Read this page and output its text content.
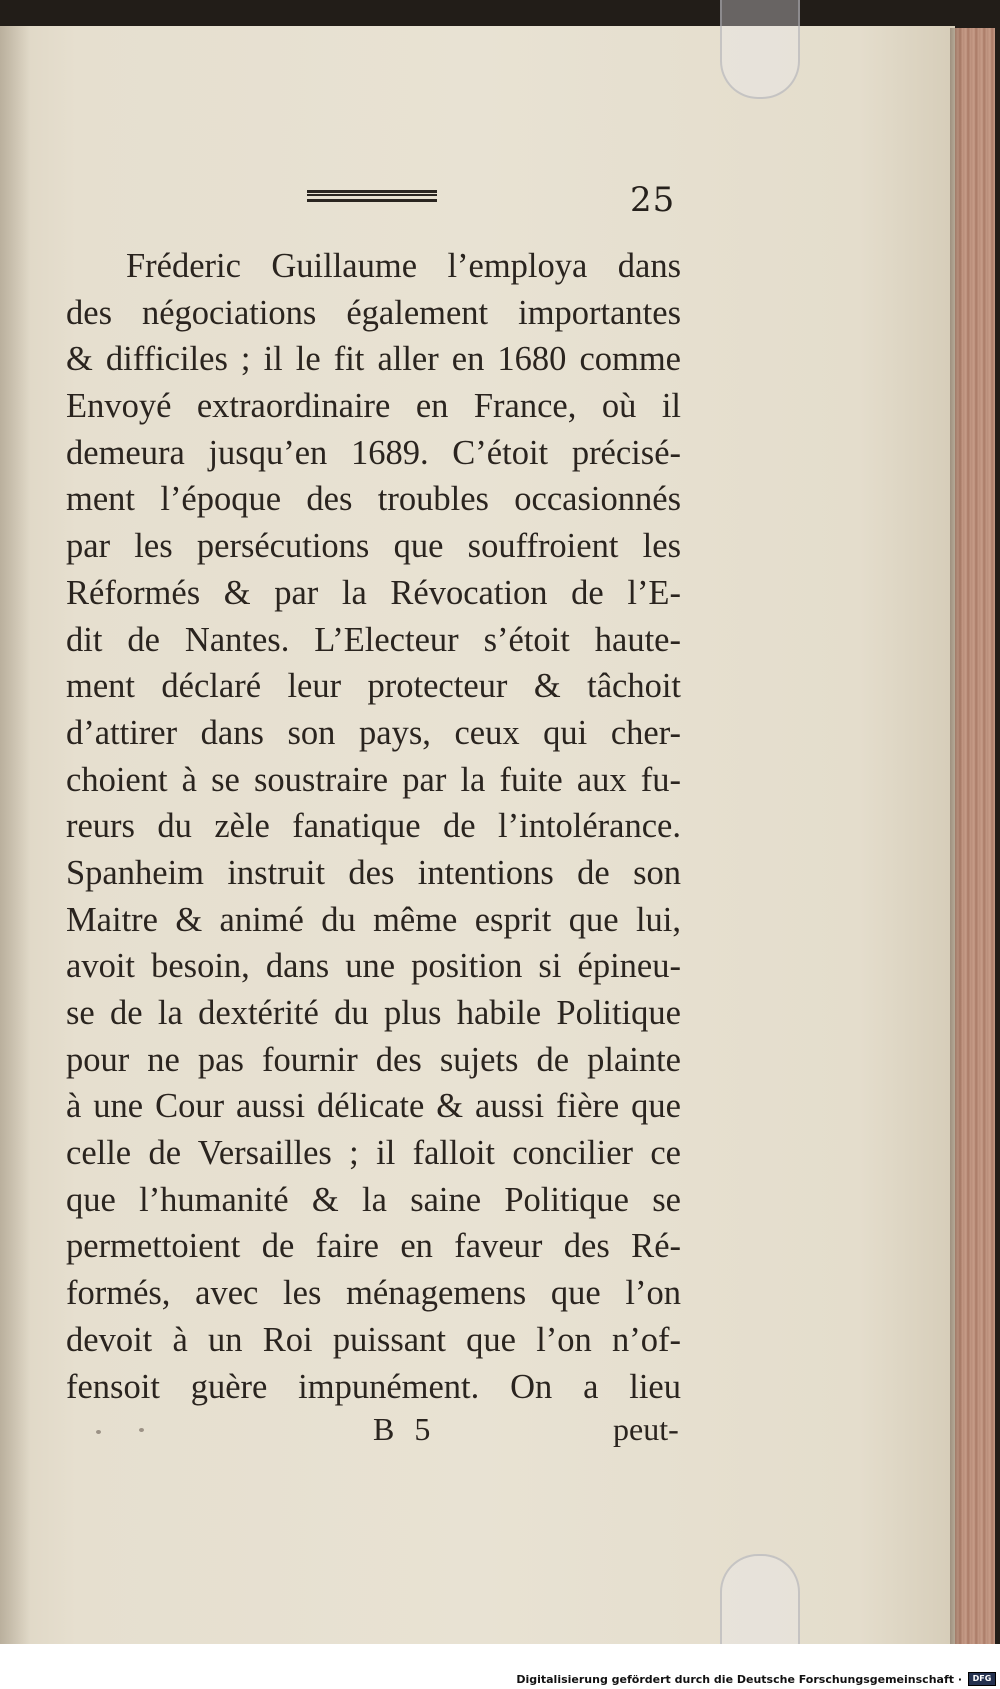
25
Fréderic Guillaume l’employa dans
des négociations également importantes
& difficiles ; il le fit aller en 1680 comme
Envoyé extraordinaire en France, où il
demeura jusqu’en 1689. C’étoit précisé-
ment l’époque des troubles occasionnés
par les persécutions que souffroient les
Réformés & par la Révocation de l’E-
dit de Nantes. L’Electeur s’étoit haute-
ment déclaré leur protecteur & tâchoit
d’attirer dans son pays, ceux qui cher-
choient à se soustraire par la fuite aux fu-
reurs du zèle fanatique de l’intolérance.
Spanheim instruit des intentions de son
Maitre & animé du même esprit que lui,
avoit besoin, dans une position si épineu-
se de la dextérité du plus habile Politique
pour ne pas fournir des sujets de plainte
à une Cour aussi délicate & aussi fière que
celle de Versailles ; il falloit concilier ce
que l’humanité & la saine Politique se
permettoient de faire en faveur des Ré-
formés, avec les ménagemens que l’on
devoit à un Roi puissant que l’on n’of-
fensoit guère impunément. On a lieu
B 5	peut-
Digitalisierung gefördert durch die Deutsche Forschungsgemeinschaft ·	DFG
